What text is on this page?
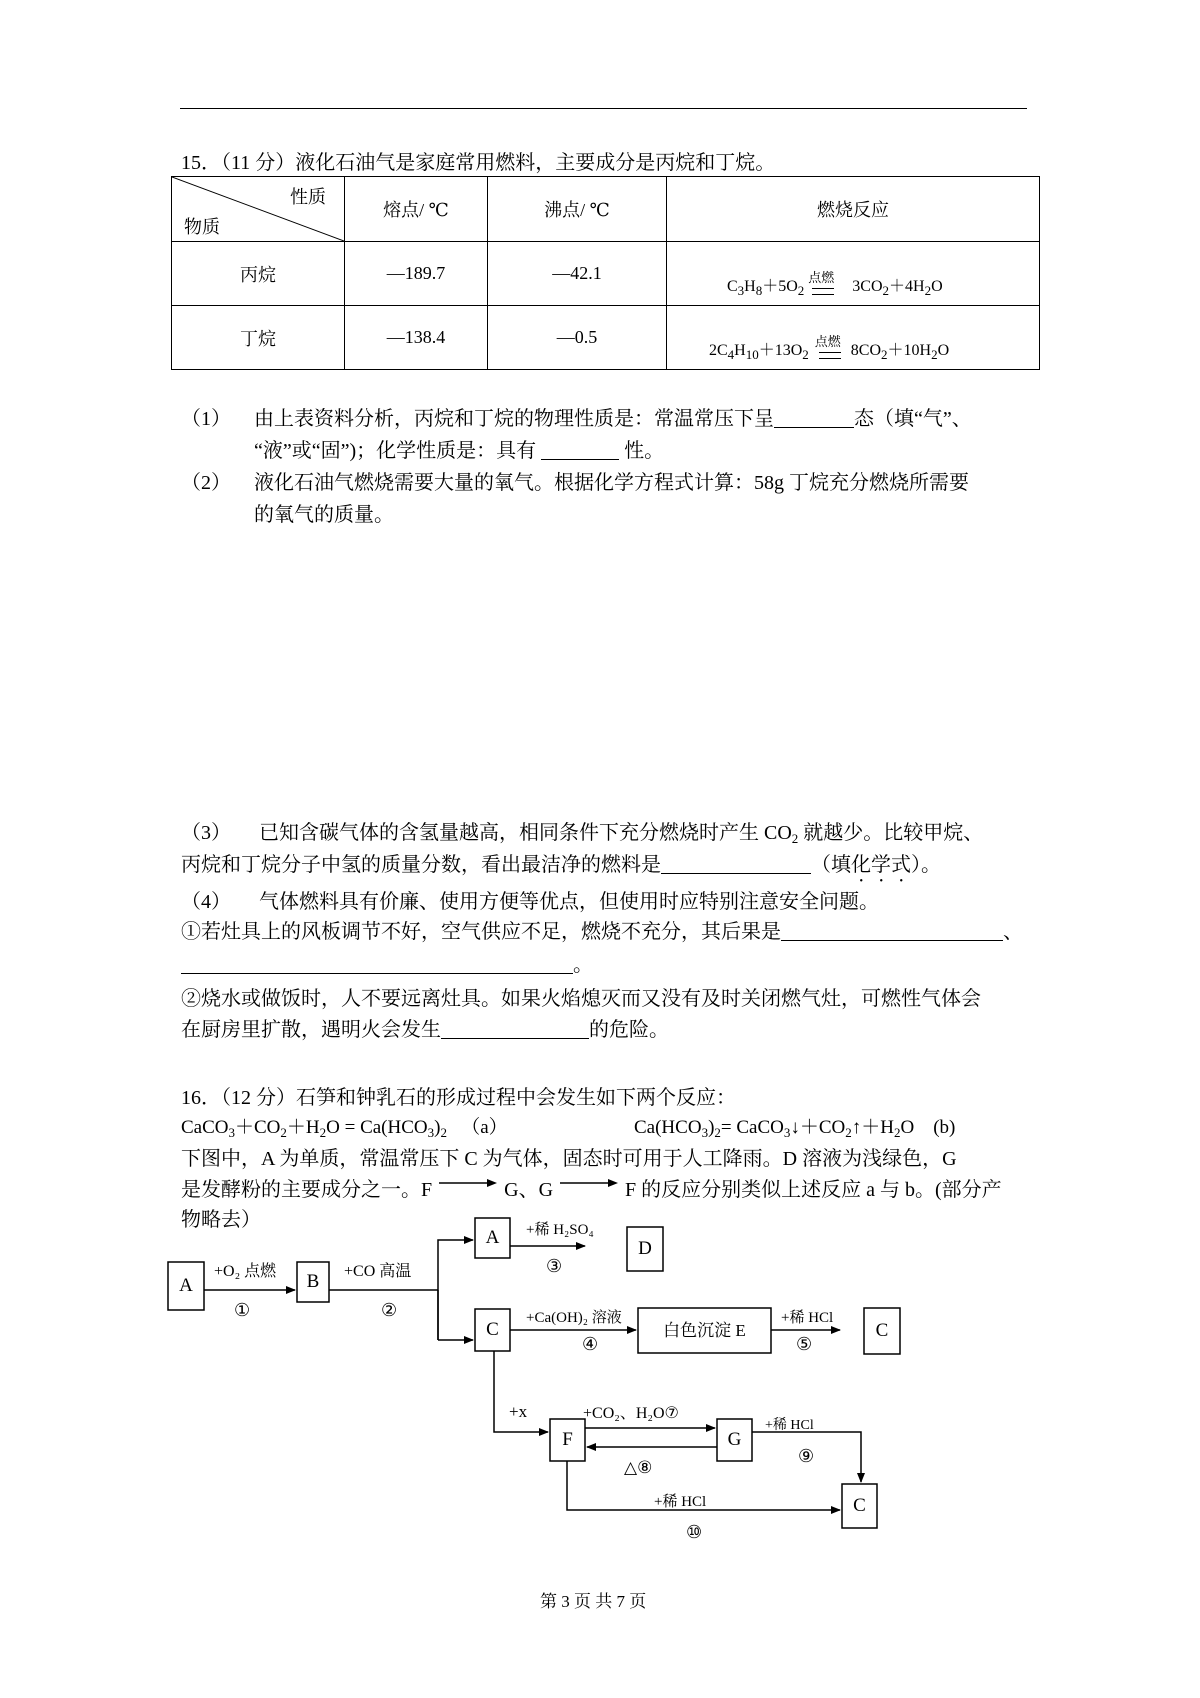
15．（11 分）液化石油气是家庭常用燃料，主要成分是丙烷和丁烷。
性质
物质	熔点/ ℃	沸点/ ℃	燃烧反应
丙烷	—189.7	—42.1	$C_3H_8+5O_2$
点燃
$3CO_2+4H_2O$
丁烷	—138.4	—0.5	$2C_4H_{10}+13O_2$
点燃
$8CO_2+10H_2O$
（1） 由上表资料分析，丙烷和丁烷的物理性质是：常温常压下呈	态（填“气”、
“液”或“固”)；化学性质是：具有	性。
（2） 液化石油气燃烧需要大量的氧气。根据化学方程式计算：58g 丁烷充分燃烧所需要
的氧气的质量。
（3） 已知含碳气体的含氢量越高，相同条件下充分燃烧时产生 $CO_2$ 就越少。比较甲烷、
丙烷和丁烷分子中氢的质量分数，看出最洁净的燃料是	（填化学式）。
（4） 气体燃料具有价廉、使用方便等优点，但使用时应特别注意安全问题。
①若灶具上的风板调节不好，空气供应不足，燃烧不充分，其后果是	、
。
②烧水或做饭时，人不要远离灶具。如果火焰熄灭而又没有及时关闭燃气灶，可燃性气体会
在厨房里扩散，遇明火会发生	的危险。
16．（12 分）石笋和钟乳石的形成过程中会发生如下两个反应：
$CaCO_3+CO_2+H_2O = Ca(HCO_3)_2$ （a）	$Ca(HCO_3)_2=$ $CaCO_3↓+CO_2↑+H_2O$　(b)
下图中，A 为单质，常温常压下 C 为气体，固态时可用于人工降雨。D 溶液为浅绿色，G
是发酵粉的主要成分之一。F	G、G	F 的反应分别类似上述反应 a 与 b。(部分产
物略去）
A	B
A
D
C	白色沉淀 E	C
F	G
C
+O₂ 点燃
①
+CO 高温
②
+稀 H₂SO₄
③
+Ca(OH)₂ 溶液
④
+稀 HCl
⑤
+x	+CO₂、H₂O⑦
△⑧
+稀 HCl
⑨
+稀 HCl
⑩
第 3 页 共 7 页
